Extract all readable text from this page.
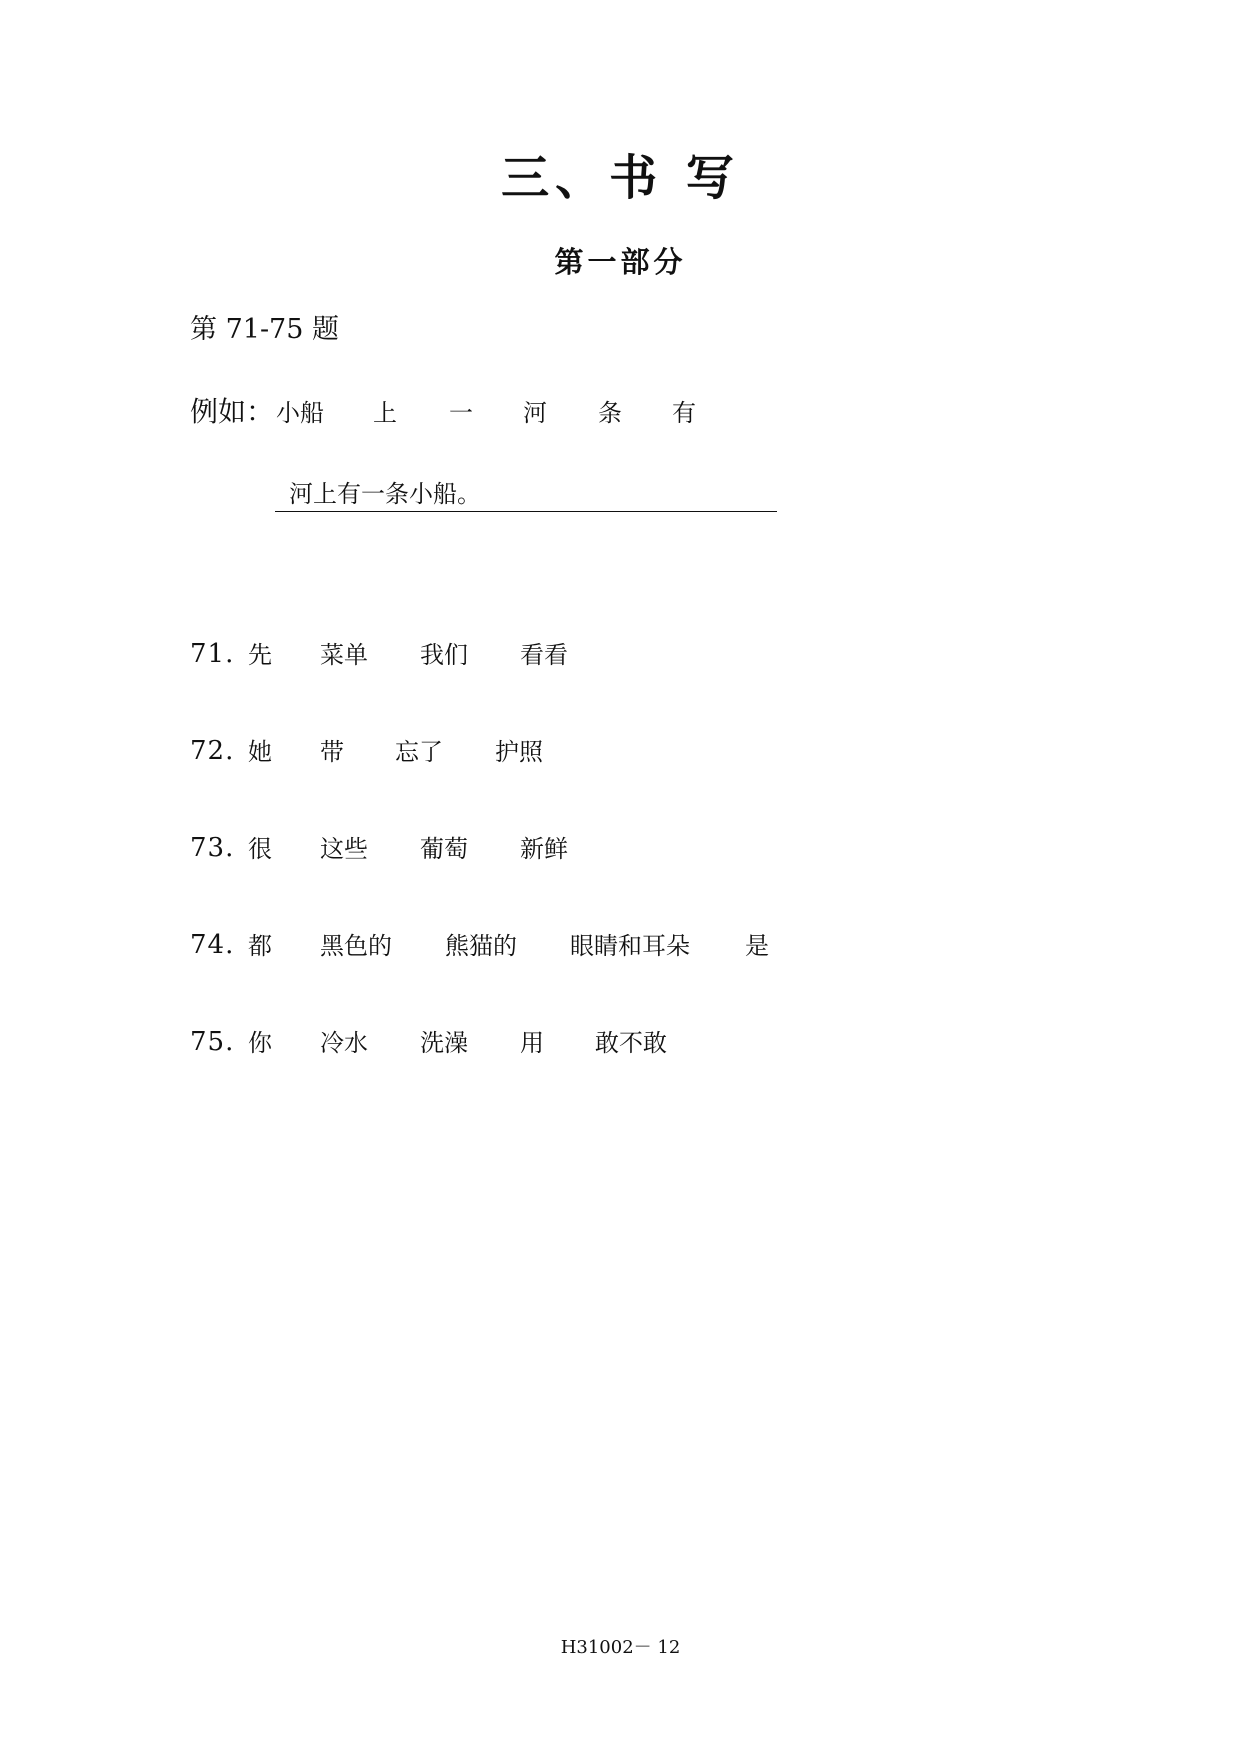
三、书 写
第一部分
第 71-75 题
例如： 小船 上 一 河 条 有
河上有一条小船。
71. 先 菜单 我们 看看
72. 她 带 忘了 护照
73. 很 这些 葡萄 新鲜
74. 都 黑色的 熊猫的 眼睛和耳朵 是
75. 你 冷水 洗澡 用 敢不敢
H31002－ 12
